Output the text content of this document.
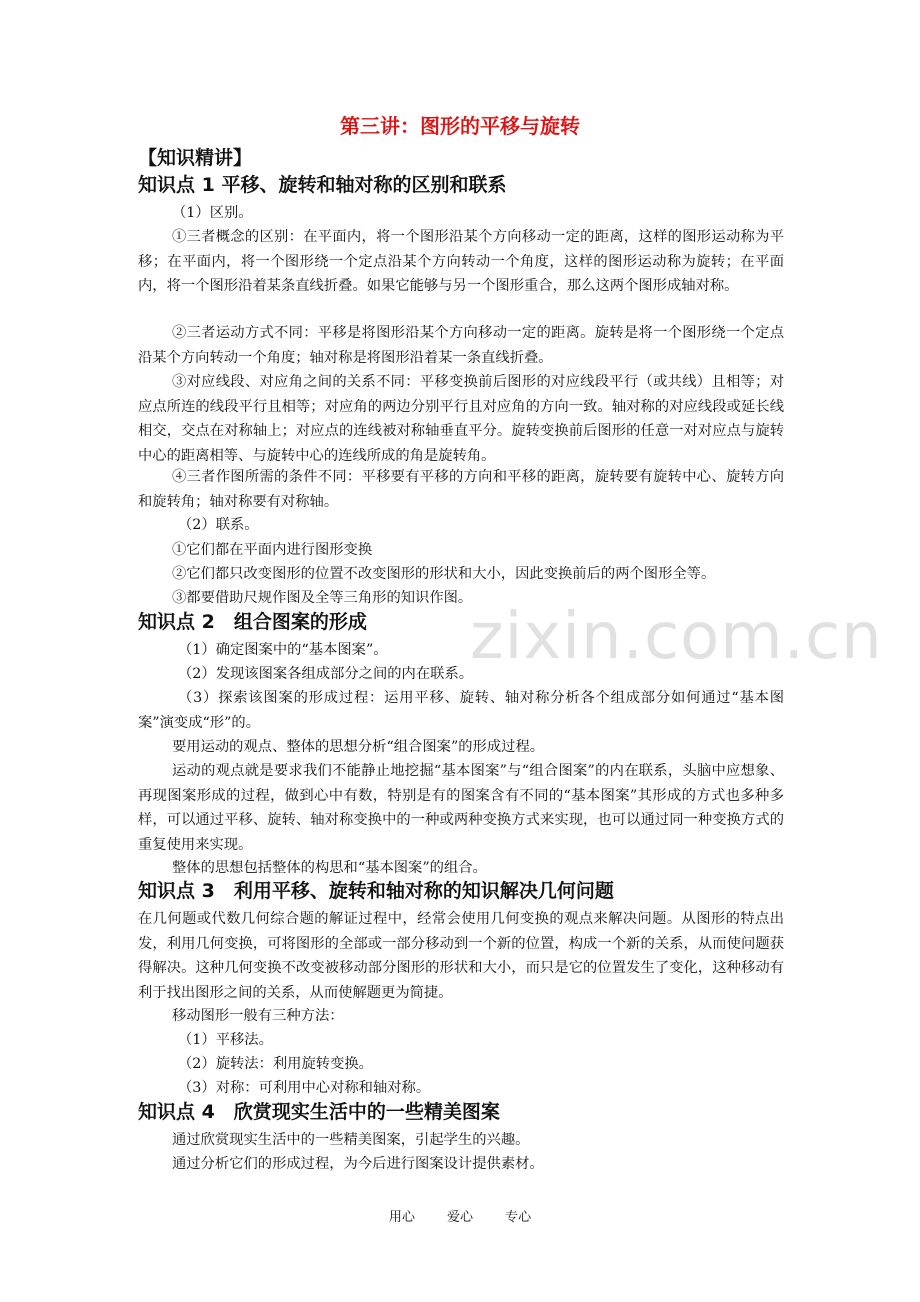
第三讲：图形的平移与旋转
【知识精讲】
知识点 1 平移、旋转和轴对称的区别和联系

（1）区别。

①三者概念的区别：在平面内，将一个图形沿某个方向移动一定的距离，这样的图形运动称为平移；在平面内，将一个图形绕一个定点沿某个方向转动一个角度，这样的图形运动称为旋转；在平面内，将一个图形沿着某条直线折叠。如果它能够与另一个图形重合，那么这两个图形成轴对称。

②三者运动方式不同：平移是将图形沿某个方向移动一定的距离。旋转是将一个图形绕一个定点沿某个方向转动一个角度；轴对称是将图形沿着某一条直线折叠。

③对应线段、对应角之间的关系不同：平移变换前后图形的对应线段平行（或共线）且相等；对应点所连的线段平行且相等；对应角的两边分别平行且对应角的方向一致。轴对称的对应线段或延长线相交，交点在对称轴上；对应点的连线被对称轴垂直平分。旋转变换前后图形的任意一对对应点与旋转中心的距离相等、与旋转中心的连线所成的角是旋转角。

④三者作图所需的条件不同：平移要有平移的方向和平移的距离，旋转要有旋转中心、旋转方向和旋转角；轴对称要有对称轴。

（2）联系。

①它们都在平面内进行图形变换

②它们都只改变图形的位置不改变图形的形状和大小，因此变换前后的两个图形全等。

③都要借助尺规作图及全等三角形的知识作图。

知识点 2　组合图案的形成

（1）确定图案中的“基本图案”。

（2）发现该图案各组成部分之间的内在联系。

（3）探索该图案的形成过程：运用平移、旋转、轴对称分析各个组成部分如何通过“基本图案”演变成“形”的。

要用运动的观点、整体的思想分析“组合图案”的形成过程。

运动的观点就是要求我们不能静止地挖掘“基本图案”与“组合图案”的内在联系，头脑中应想象、再现图案形成的过程，做到心中有数，特别是有的图案含有不同的“基本图案”其形成的方式也多种多样，可以通过平移、旋转、轴对称变换中的一种或两种变换方式来实现，也可以通过同一种变换方式的重复使用来实现。

整体的思想包括整体的构思和“基本图案”的组合。

知识点 3　利用平移、旋转和轴对称的知识解决几何问题

在几何题或代数几何综合题的解证过程中，经常会使用几何变换的观点来解决问题。从图形的特点出发，利用几何变换，可将图形的全部或一部分移动到一个新的位置，构成一个新的关系，从而使问题获得解决。这种几何变换不改变被移动部分图形的形状和大小，而只是它的位置发生了变化，这种移动有利于找出图形之间的关系，从而使解题更为简捷。

移动图形一般有三种方法：

（1）平移法。

（2）旋转法：利用旋转变换。

（3）对称：可利用中心对称和轴对称。

知识点 4　欣赏现实生活中的一些精美图案

通过欣赏现实生活中的一些精美图案，引起学生的兴趣。

通过分析它们的形成过程，为今后进行图案设计提供素材。

zixin.com.cn
用心 爱心 专心
